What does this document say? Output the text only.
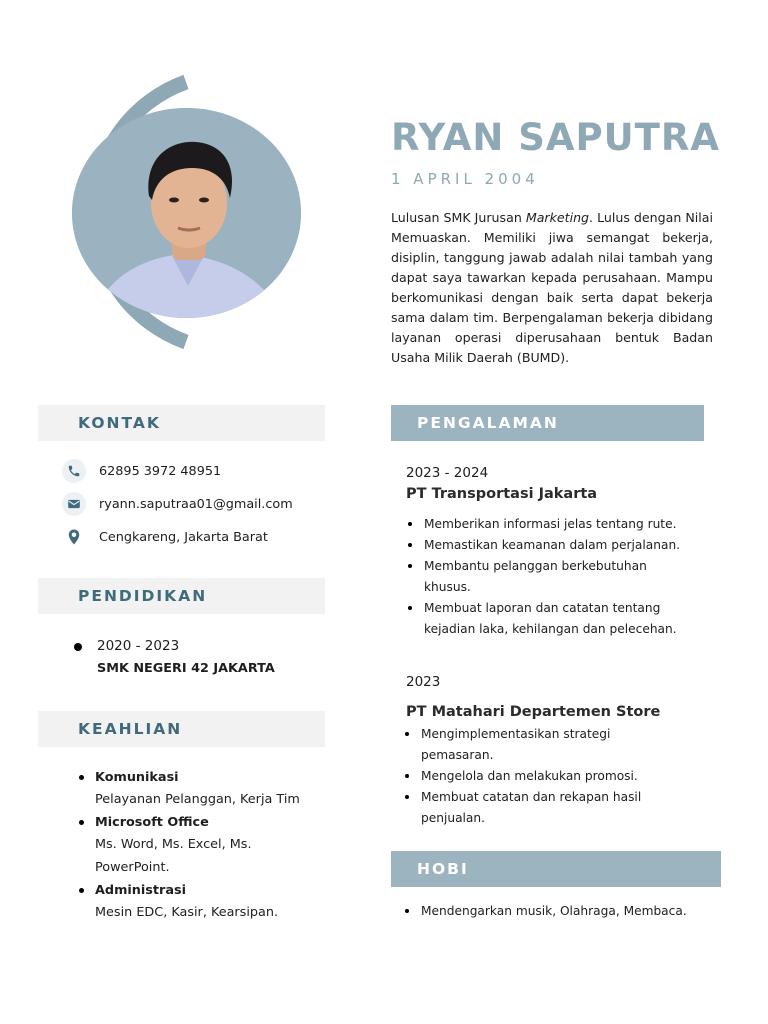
RYAN SAPUTRA
1 APRIL 2004
Lulusan SMK Jurusan Marketing. Lulus dengan Nilai Memuaskan. Memiliki jiwa semangat bekerja, disiplin, tanggung jawab adalah nilai tambah yang dapat saya tawarkan kepada perusahaan. Mampu berkomunikasi dengan baik serta dapat bekerja sama dalam tim. Berpengalaman bekerja dibidang layanan operasi diperusahaan bentuk Badan Usaha Milik Daerah (BUMD).
KONTAK
62895 3972 48951
ryann.saputraa01@gmail.com
Cengkareng, Jakarta Barat
PENDIDIKAN
2020 - 2023
SMK NEGERI 42 JAKARTA
KEAHLIAN
Komunikasi
Pelayanan Pelanggan, Kerja Tim
Microsoft Office
Ms. Word, Ms. Excel, Ms. PowerPoint.
Administrasi
Mesin EDC, Kasir, Kearsipan.
PENGALAMAN
2023 - 2024
PT Transportasi Jakarta
Memberikan informasi jelas tentang rute.
Memastikan keamanan dalam perjalanan.
Membantu pelanggan berkebutuhan khusus.
Membuat laporan dan catatan tentang kejadian laka, kehilangan dan pelecehan.
2023
PT Matahari Departemen Store
Mengimplementasikan strategi pemasaran.
Mengelola dan melakukan promosi.
Membuat catatan dan rekapan hasil penjualan.
HOBI
Mendengarkan musik, Olahraga, Membaca.
